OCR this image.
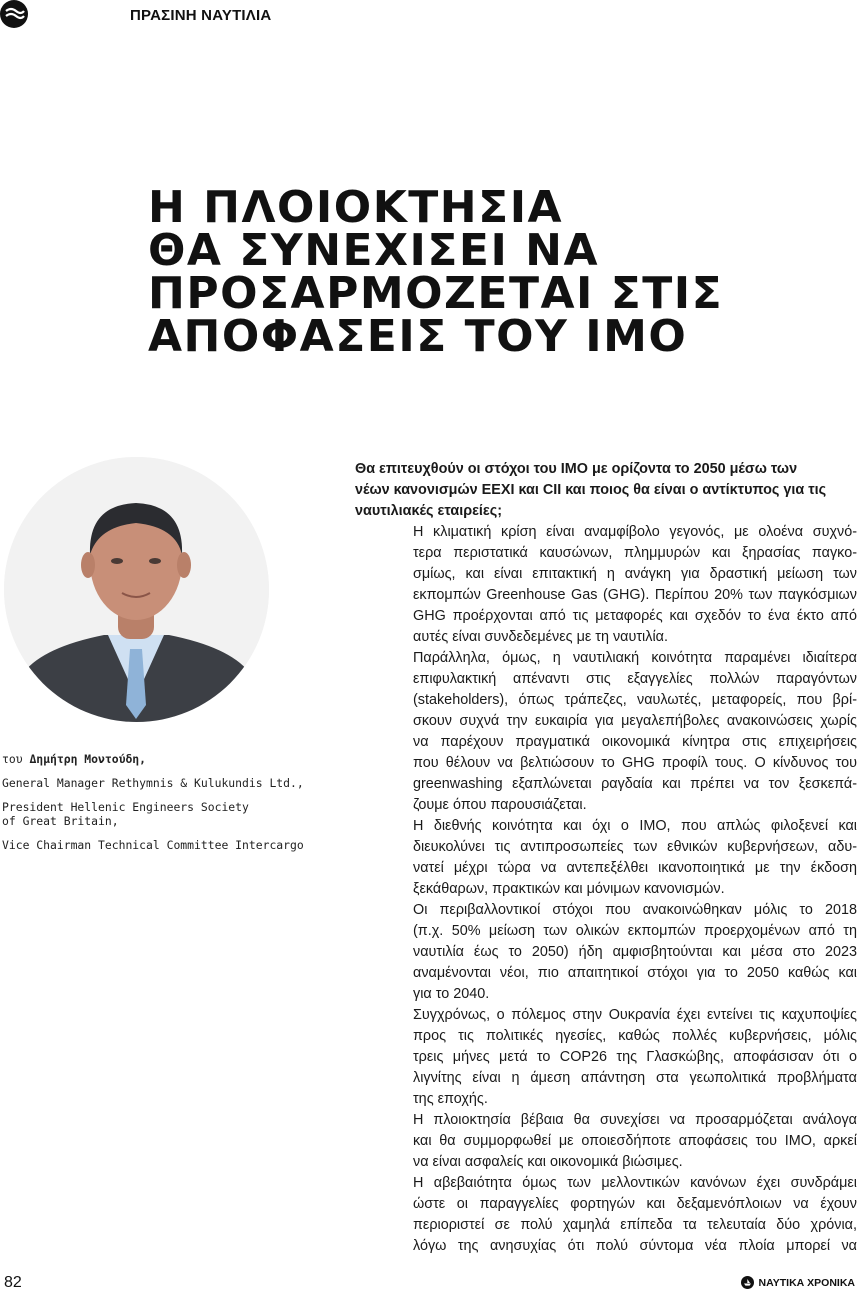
ΠΡΑΣΙΝΗ ΝΑΥΤΙΛΙΑ
Η ΠΛΟΙΟΚΤΗΣΙΑ
ΘΑ ΣΥΝΕΧΙΣΕΙ ΝΑ
ΠΡΟΣΑΡΜΟΖΕΤΑΙ ΣΤΙΣ
ΑΠΟΦΑΣΕΙΣ ΤΟΥ ΙΜΟ
του Δημήτρη Μοντούδη,
General Manager Rethymnis & Kulukundis Ltd.,
President Hellenic Engineers Society
of Great Britain,
Vice Chairman Technical Committee Intercargo

Θα επιτευχθούν οι στόχοι του ΙΜΟ με ορίζοντα το 2050 μέσω των
νέων κανονισμών EEXI και CII και ποιος θα είναι ο αντίκτυπος για τις
ναυτιλιακές εταιρείες;

Η κλιματική κρίση είναι αναμφίβολο γεγονός, με ολοένα συχνό-
τερα περιστατικά καυσώνων, πλημμυρών και ξηρασίας παγκο-
σμίως, και είναι επιτακτική η ανάγκη για δραστική μείωση των
εκπομπών Greenhouse Gas (GHG). Περίπου 20% των παγκόσμιων
GHG προέρχονται από τις μεταφορές και σχεδόν το ένα έκτο από
αυτές είναι συνδεδεμένες με τη ναυτιλία.

Παράλληλα, όμως, η ναυτιλιακή κοινότητα παραμένει ιδιαίτερα
επιφυλακτική απέναντι στις εξαγγελίες πολλών παραγόντων
(stakeholders), όπως τράπεζες, ναυλωτές, μεταφορείς, που βρί-
σκουν συχνά την ευκαιρία για μεγαλεπήβολες ανακοινώσεις χωρίς
να παρέχουν πραγματικά οικονομικά κίνητρα στις επιχειρήσεις
που θέλουν να βελτιώσουν το GHG προφίλ τους. Ο κίνδυνος του
greenwashing εξαπλώνεται ραγδαία και πρέπει να τον ξεσκεπά-
ζουμε όπου παρουσιάζεται.

Η διεθνής κοινότητα και όχι ο ΙΜΟ, που απλώς φιλοξενεί και
διευκολύνει τις αντιπροσωπείες των εθνικών κυβερνήσεων, αδυ-
νατεί μέχρι τώρα να αντεπεξέλθει ικανοποιητικά με την έκδοση
ξεκάθαρων, πρακτικών και μόνιμων κανονισμών.

Οι περιβαλλοντικοί στόχοι που ανακοινώθηκαν μόλις το 2018
(π.χ. 50% μείωση των ολικών εκπομπών προερχομένων από τη
ναυτιλία έως το 2050) ήδη αμφισβητούνται και μέσα στο 2023
αναμένονται νέοι, πιο απαιτητικοί στόχοι για το 2050 καθώς και
για το 2040.

Συγχρόνως, ο πόλεμος στην Ουκρανία έχει εντείνει τις καχυποψίες
προς τις πολιτικές ηγεσίες, καθώς πολλές κυβερνήσεις, μόλις
τρεις μήνες μετά το COP26 της Γλασκώβης, αποφάσισαν ότι ο
λιγνίτης είναι η άμεση απάντηση στα γεωπολιτικά προβλήματα
της εποχής.

Η πλοιοκτησία βέβαια θα συνεχίσει να προσαρμόζεται ανάλογα
και θα συμμορφωθεί με οποιεσδήποτε αποφάσεις του ΙΜΟ, αρκεί
να είναι ασφαλείς και οικονομικά βιώσιμες.

Η αβεβαιότητα όμως των μελλοντικών κανόνων έχει συνδράμει
ώστε οι παραγγελίες φορτηγών και δεξαμενόπλοιων να έχουν
περιοριστεί σε πολύ χαμηλά επίπεδα τα τελευταία δύο χρόνια,
λόγω της ανησυχίας ότι πολύ σύντομα νέα πλοία μπορεί να

82	ΝΑΥΤΙΚΑ ΧΡΟΝΙΚΑ
